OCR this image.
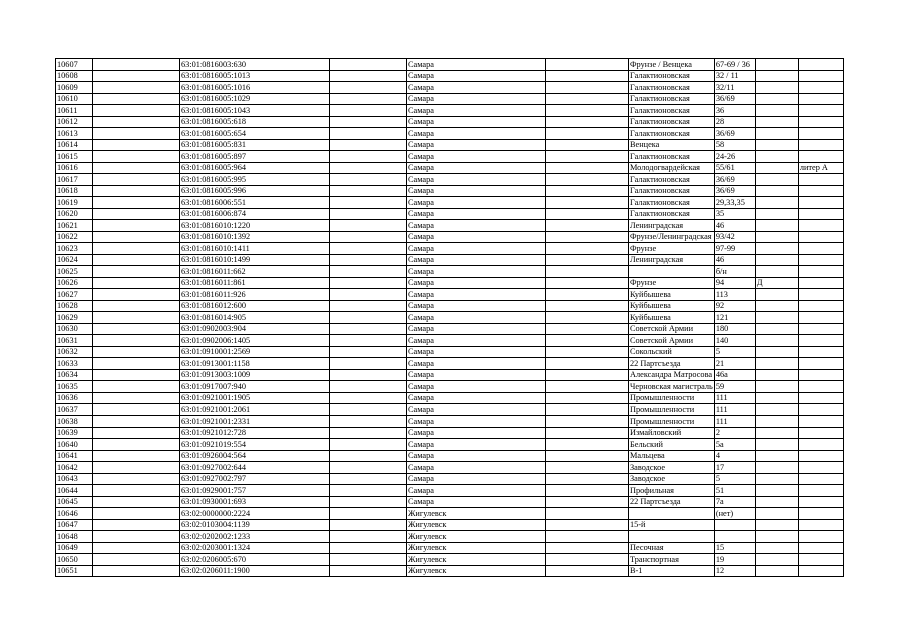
10607		63:01:0816003:630		Самара		Фрунзе / Венцека	67-69 / 36		
10608		63:01:0816005:1013		Самара		Галактионовская	32 / 11		
10609		63:01:0816005:1016		Самара		Галактионовская	32/11		
10610		63:01:0816005:1029		Самара		Галактионовская	36/69		
10611		63:01:0816005:1043		Самара		Галактионовская	36		
10612		63:01:0816005:618		Самара		Галактионовская	28		
10613		63:01:0816005:654		Самара		Галактионовская	36/69		
10614		63:01:0816005:831		Самара		Венцека	58		
10615		63:01:0816005:897		Самара		Галактионовская	24-26		
10616		63:01:0816005:964		Самара		Молодогвардейская	55/61		литер А
10617		63:01:0816005:995		Самара		Галактионовская	36/69		
10618		63:01:0816005:996		Самара		Галактионовская	36/69		
10619		63:01:0816006:551		Самара		Галактионовская	29,33,35		
10620		63:01:0816006:874		Самара		Галактионовская	35		
10621		63:01:0816010:1220		Самара		Ленинградская	46		
10622		63:01:0816010:1392		Самара		Фрунзе/Ленинградская	93/42		
10623		63:01:0816010:1411		Самара		Фрунзе	97-99		
10624		63:01:0816010:1499		Самара		Ленинградская	46		
10625		63:01:0816011:662		Самара			б/н		
10626		63:01:0816011:861		Самара		Фрунзе	94	Д	
10627		63:01:0816011:926		Самара		Куйбышева	113		
10628		63:01:0816012:600		Самара		Куйбышева	92		
10629		63:01:0816014:905		Самара		Куйбышева	121		
10630		63:01:0902003:904		Самара		Советской Армии	180		
10631		63:01:0902006:1405		Самара		Советской Армии	140		
10632		63:01:0910001:2569		Самара		Сокольский	5		
10633		63:01:0913001:1158		Самара		22 Партсъезда	21		
10634		63:01:0913003:1009		Самара		Александра Матросова	46а		
10635		63:01:0917007:940		Самара		Черновская магистраль	59		
10636		63:01:0921001:1905		Самара		Промышленности	111		
10637		63:01:0921001:2061		Самара		Промышленности	111		
10638		63:01:0921001:2331		Самара		Промышленности	111		
10639		63:01:0921012:728		Самара		Измайловский	2		
10640		63:01:0921019:554		Самара		Бельский	5а		
10641		63:01:0926004:564		Самара		Мальцева	4		
10642		63:01:0927002:644		Самара		Заводское	17		
10643		63:01:0927002:797		Самара		Заводское	5		
10644		63:01:0929001:757		Самара		Профильная	51		
10645		63:01:0930001:693		Самара		22 Партсъезда	7а		
10646		63:02:0000000:2224		Жигулевск			(нет)		
10647		63:02:0103004:1139		Жигулевск		15-й			
10648		63:02:0202002:1233		Жигулевск					
10649		63:02:0203001:1324		Жигулевск		Песочная	15		
10650		63:02:0206005:670		Жигулевск		Транспортная	19		
10651		63:02:0206011:1900		Жигулевск		В-1	12		
